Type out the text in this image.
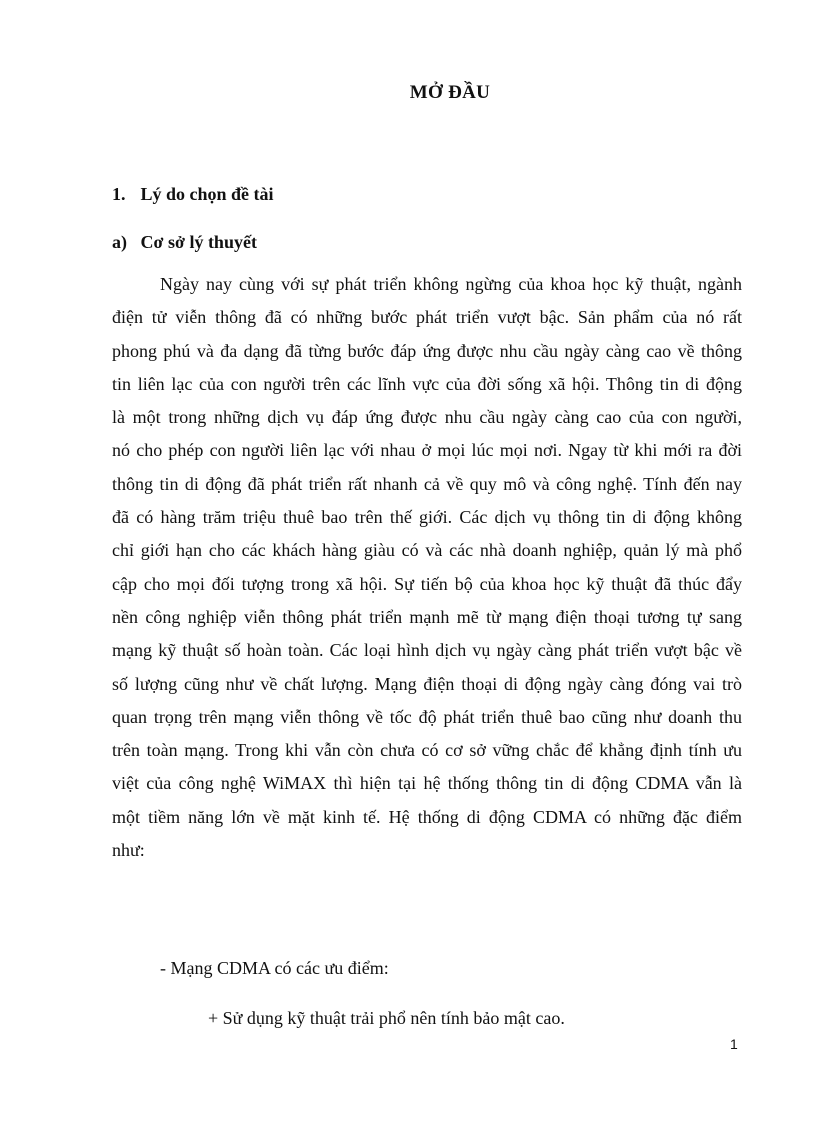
MỞ ĐẦU
1. Lý do chọn đề tài
a) Cơ sở lý thuyết
Ngày nay cùng với sự phát triển không ngừng của khoa học kỹ thuật, ngành
điện tử viễn thông đã có những bước phát triển vượt bậc. Sản phẩm của nó rất
phong phú và đa dạng đã từng bước đáp ứng được nhu cầu ngày càng cao về thông
tin liên lạc của con người trên các lĩnh vực của đời sống xã hội. Thông tin di động
là một trong những dịch vụ đáp ứng được nhu cầu ngày càng cao của con người,
nó cho phép con người liên lạc với nhau ở mọi lúc mọi nơi. Ngay từ khi mới ra đời
thông tin di động đã phát triển rất nhanh cả về quy mô và công nghệ. Tính đến nay
đã có hàng trăm triệu thuê bao trên thế giới. Các dịch vụ thông tin di động không
chỉ giới hạn cho các khách hàng giàu có và các nhà doanh nghiệp, quản lý mà phổ
cập cho mọi đối tượng trong xã hội. Sự tiến bộ của khoa học kỹ thuật đã thúc đẩy
nền công nghiệp viễn thông phát triển mạnh mẽ từ mạng điện thoại tương tự sang
mạng kỹ thuật số hoàn toàn. Các loại hình dịch vụ ngày càng phát triển vượt bậc về
số lượng cũng như về chất lượng. Mạng điện thoại di động ngày càng đóng vai trò
quan trọng trên mạng viễn thông về tốc độ phát triển thuê bao cũng như doanh thu
trên toàn mạng. Trong khi vẫn còn chưa có cơ sở vững chắc để khẳng định tính ưu
việt của công nghệ WiMAX thì hiện tại hệ thống thông tin di động CDMA vẫn là
một tiềm năng lớn về mặt kinh tế. Hệ thống di động CDMA có những đặc điểm
như:
- Mạng CDMA có các ưu điểm:
+ Sử dụng kỹ thuật trải phổ nên tính bảo mật cao.
1
